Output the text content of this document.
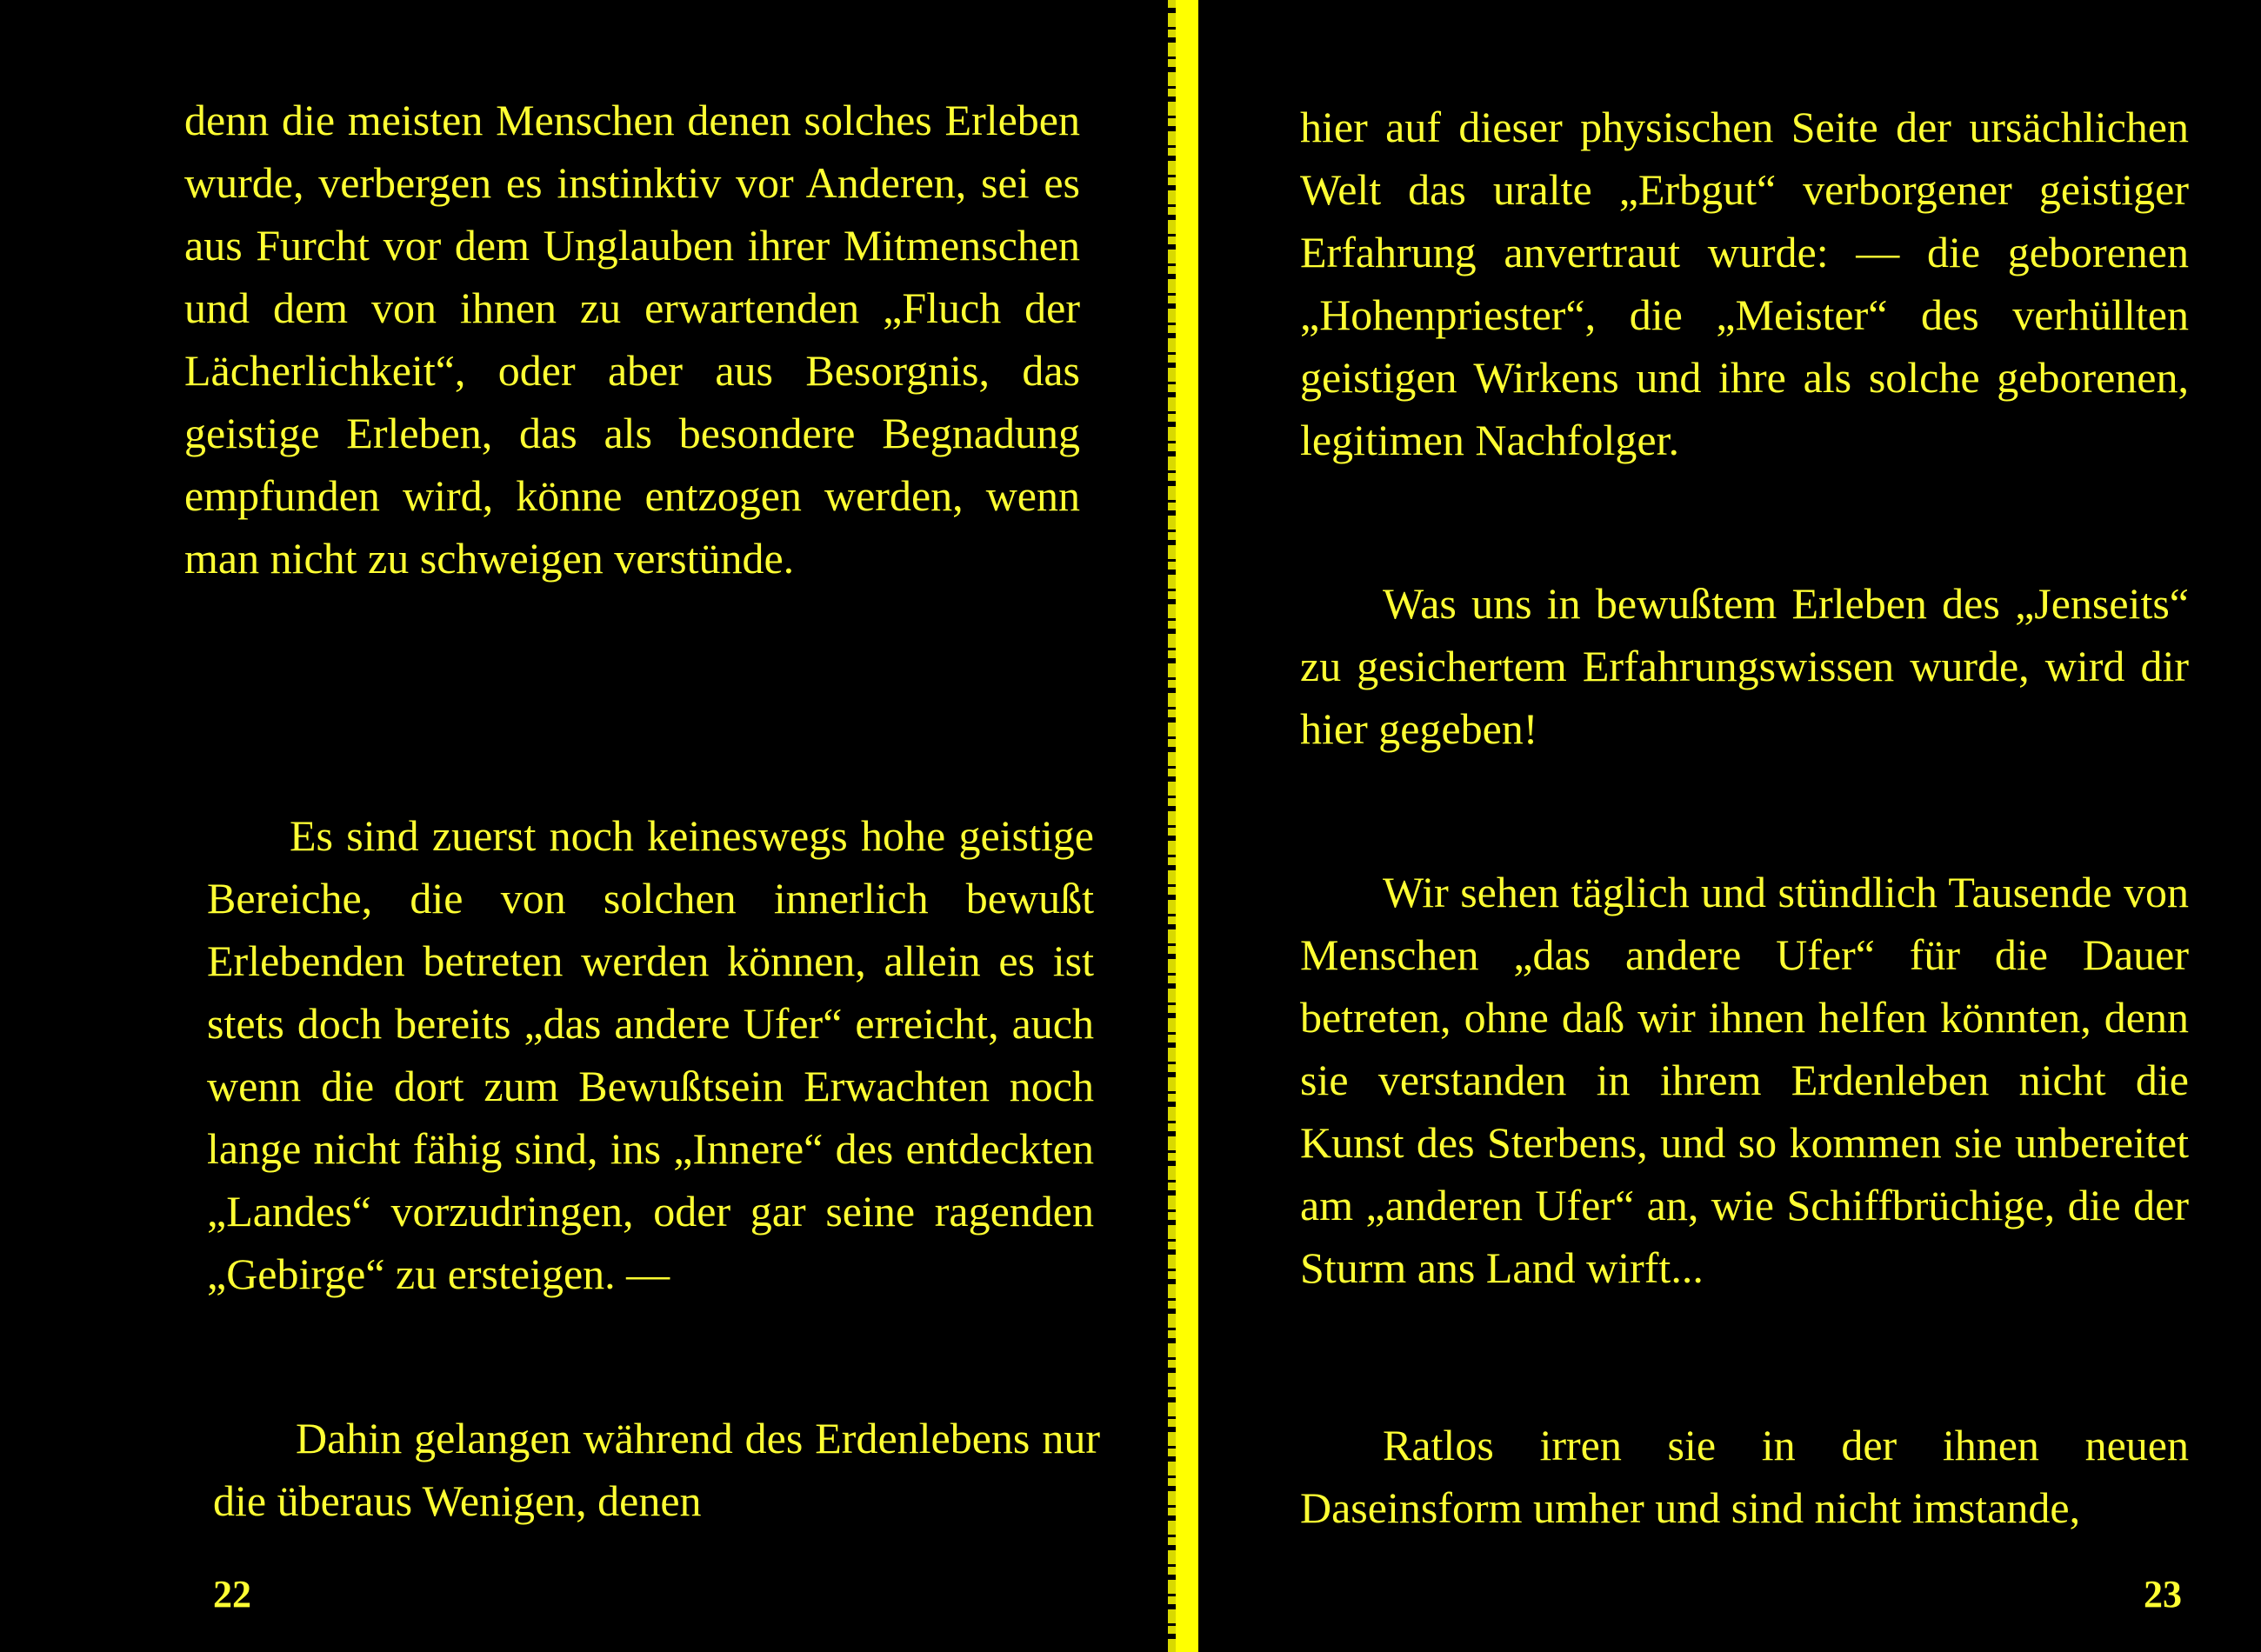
denn die meisten Menschen denen solches Erleben wurde, verbergen es instinktiv vor Anderen, sei es aus Furcht vor dem Unglauben ihrer Mitmenschen und dem von ihnen zu erwartenden „Fluch der Lächerlichkeit“, oder aber aus Besorgnis, das geistige Erleben, das als besondere Begnadung empfunden wird, könne entzogen werden, wenn man nicht zu schweigen verstünde.

Es sind zuerst noch keineswegs hohe geistige Bereiche, die von solchen innerlich bewußt Erlebenden betreten werden können, allein es ist stets doch bereits „das andere Ufer“ erreicht, auch wenn die dort zum Bewußtsein Erwachten noch lange nicht fähig sind, ins „Innere“ des entdeckten „Landes“ vorzudringen, oder gar seine ragenden „Gebirge“ zu ersteigen. —

Dahin gelangen während des Erdenlebens nur die überaus Wenigen, denen

22

hier auf dieser physischen Seite der ursächlichen Welt das uralte „Erbgut“ verborgener geistiger Erfahrung anvertraut wurde: — die geborenen „Hohenpriester“, die „Meister“ des verhüllten geistigen Wirkens und ihre als solche geborenen, legitimen Nachfolger.

Was uns in bewußtem Erleben des „Jenseits“ zu gesichertem Erfahrungswissen wurde, wird dir hier gegeben!

Wir sehen täglich und stündlich Tausende von Menschen „das andere Ufer“ für die Dauer betreten, ohne daß wir ihnen helfen könnten, denn sie verstanden in ihrem Erdenleben nicht die Kunst des Sterbens, und so kommen sie unbereitet am „anderen Ufer“ an, wie Schiffbrüchige, die der Sturm ans Land wirft...

Ratlos irren sie in der ihnen neuen Daseinsform umher und sind nicht imstande,

23
